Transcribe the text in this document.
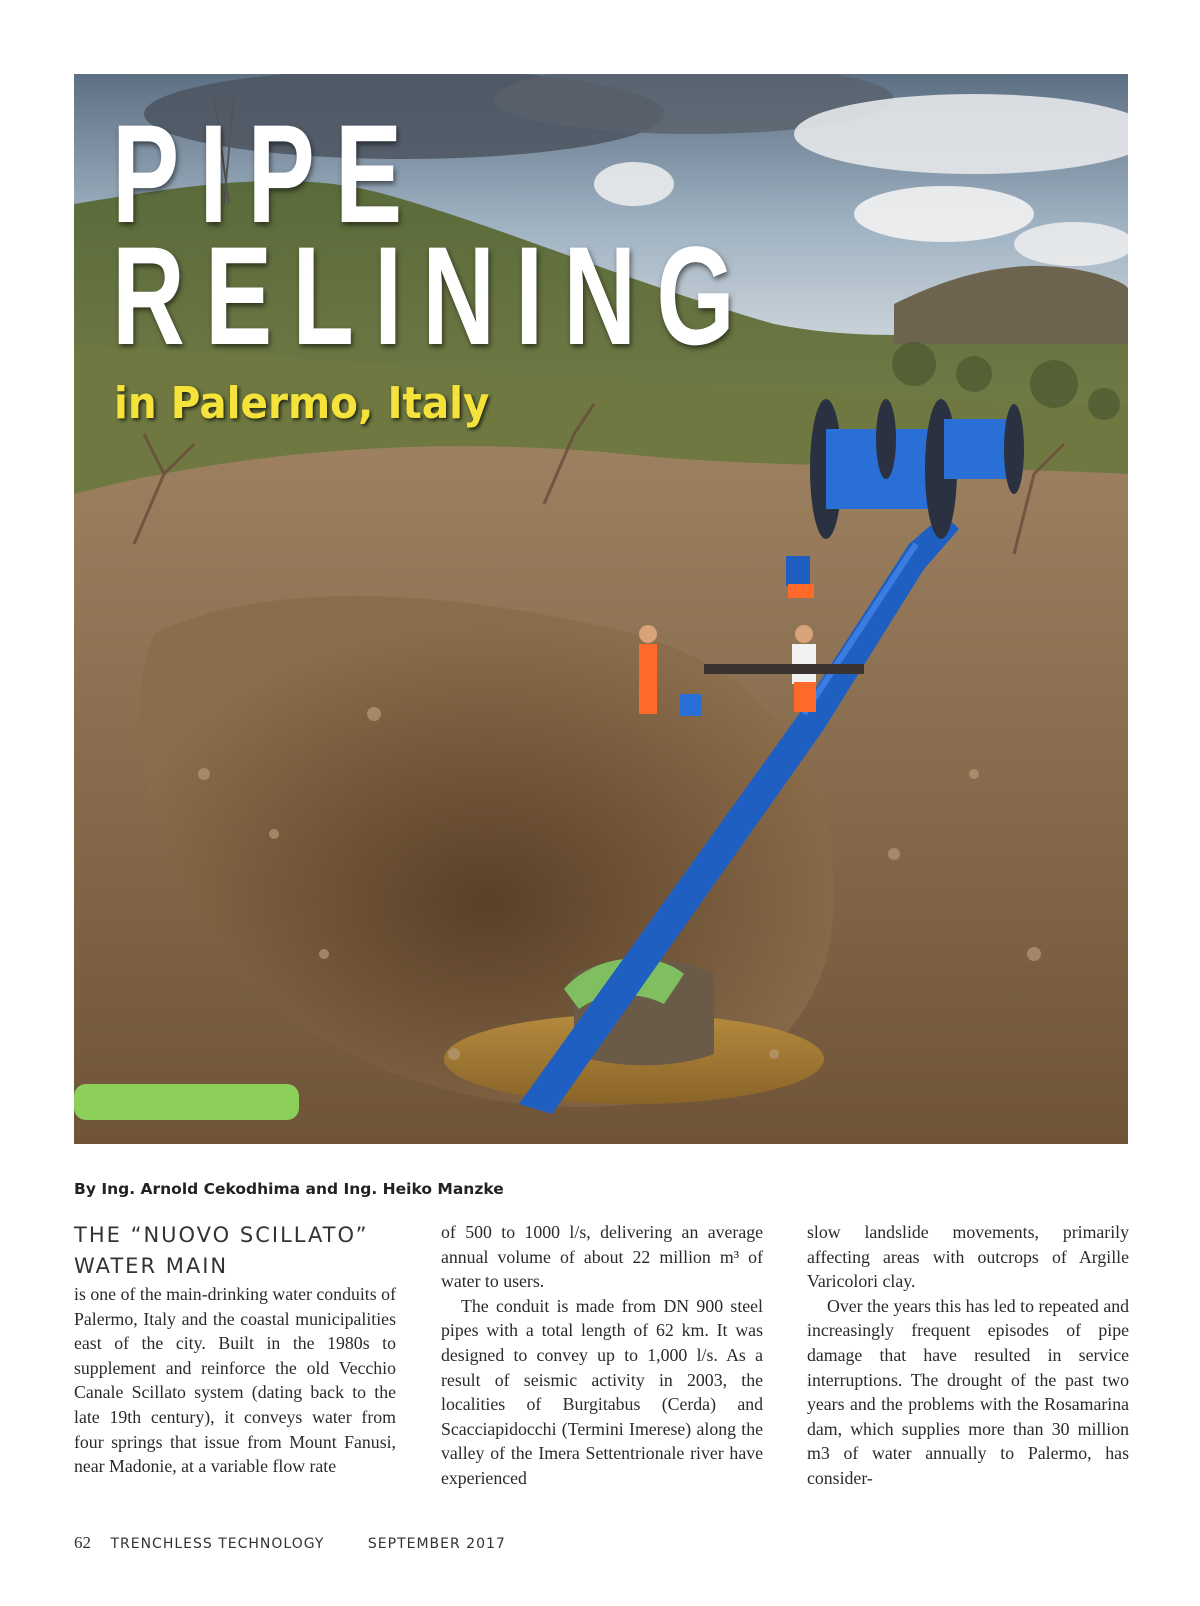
PIPE
RELINING
in Palermo, Italy
By Ing. Arnold Cekodhima and Ing. Heiko Manzke
THE “NUOVO SCILLATO”
WATER MAIN

is one of the main-drinking water conduits of Palermo, Italy and the coastal municipalities east of the city. Built in the 1980s to supplement and reinforce the old Vecchio Canale Scillato system (dating back to the late 19th century), it conveys water from four springs that issue from Mount Fanusi, near Madonie, at a variable flow rate

of 500 to 1000 l/s, delivering an average annual volume of about 22 million m³ of water to users.

The conduit is made from DN 900 steel pipes with a total length of 62 km. It was designed to convey up to 1,000 l/s. As a result of seismic activity in 2003, the localities of Burgitabus (Cerda) and Scacciapidocchi (Termini Imerese) along the valley of the Imera Settentrionale river have experienced

slow landslide movements, primarily affecting areas with outcrops of Argille Varicolori clay.

Over the years this has led to repeated and increasingly frequent episodes of pipe damage that have resulted in service interruptions. The drought of the past two years and the problems with the Rosamarina dam, which supplies more than 30 million m3 of water annually to Palermo, has consider-

62 TRENCHLESS TECHNOLOGY	SEPTEMBER 2017
